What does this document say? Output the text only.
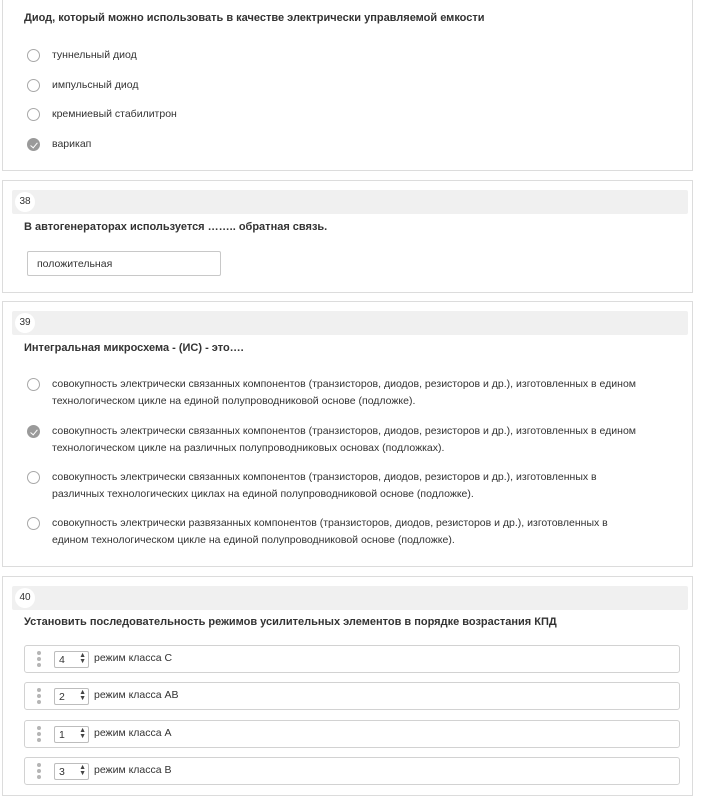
Диод, который можно использовать в качестве электрически управляемой емкости
туннельный диод
импульсный диод
кремниевый стабилитрон
варикап
38
В автогенераторах используется …….. обратная связь.
положительная
39
Интегральная микросхема - (ИС) - это….
совокупность электрически связанных компонентов (транзисторов, диодов, резисторов и др.), изготовленных в едином
технологическом цикле на единой полупроводниковой основе (подложке).
совокупность электрически связанных компонентов (транзисторов, диодов, резисторов и др.), изготовленных в едином
технологическом цикле на различных полупроводниковых основах (подложках).
совокупность электрически связанных компонентов (транзисторов, диодов, резисторов и др.), изготовленных в
различных технологических циклах на единой полупроводниковой основе (подложке).
совокупность электрически развязанных компонентов (транзисторов, диодов, резисторов и др.), изготовленных в
едином технологическом цикле на единой полупроводниковой основе (подложке).
40
Установить последовательность режимов усилительных элементов в порядке возрастания КПД
4 ▲
▼ режим класса C
2 ▲
▼ режим класса AB
1 ▲
▼ режим класса A
3 ▲
▼ режим класса B
